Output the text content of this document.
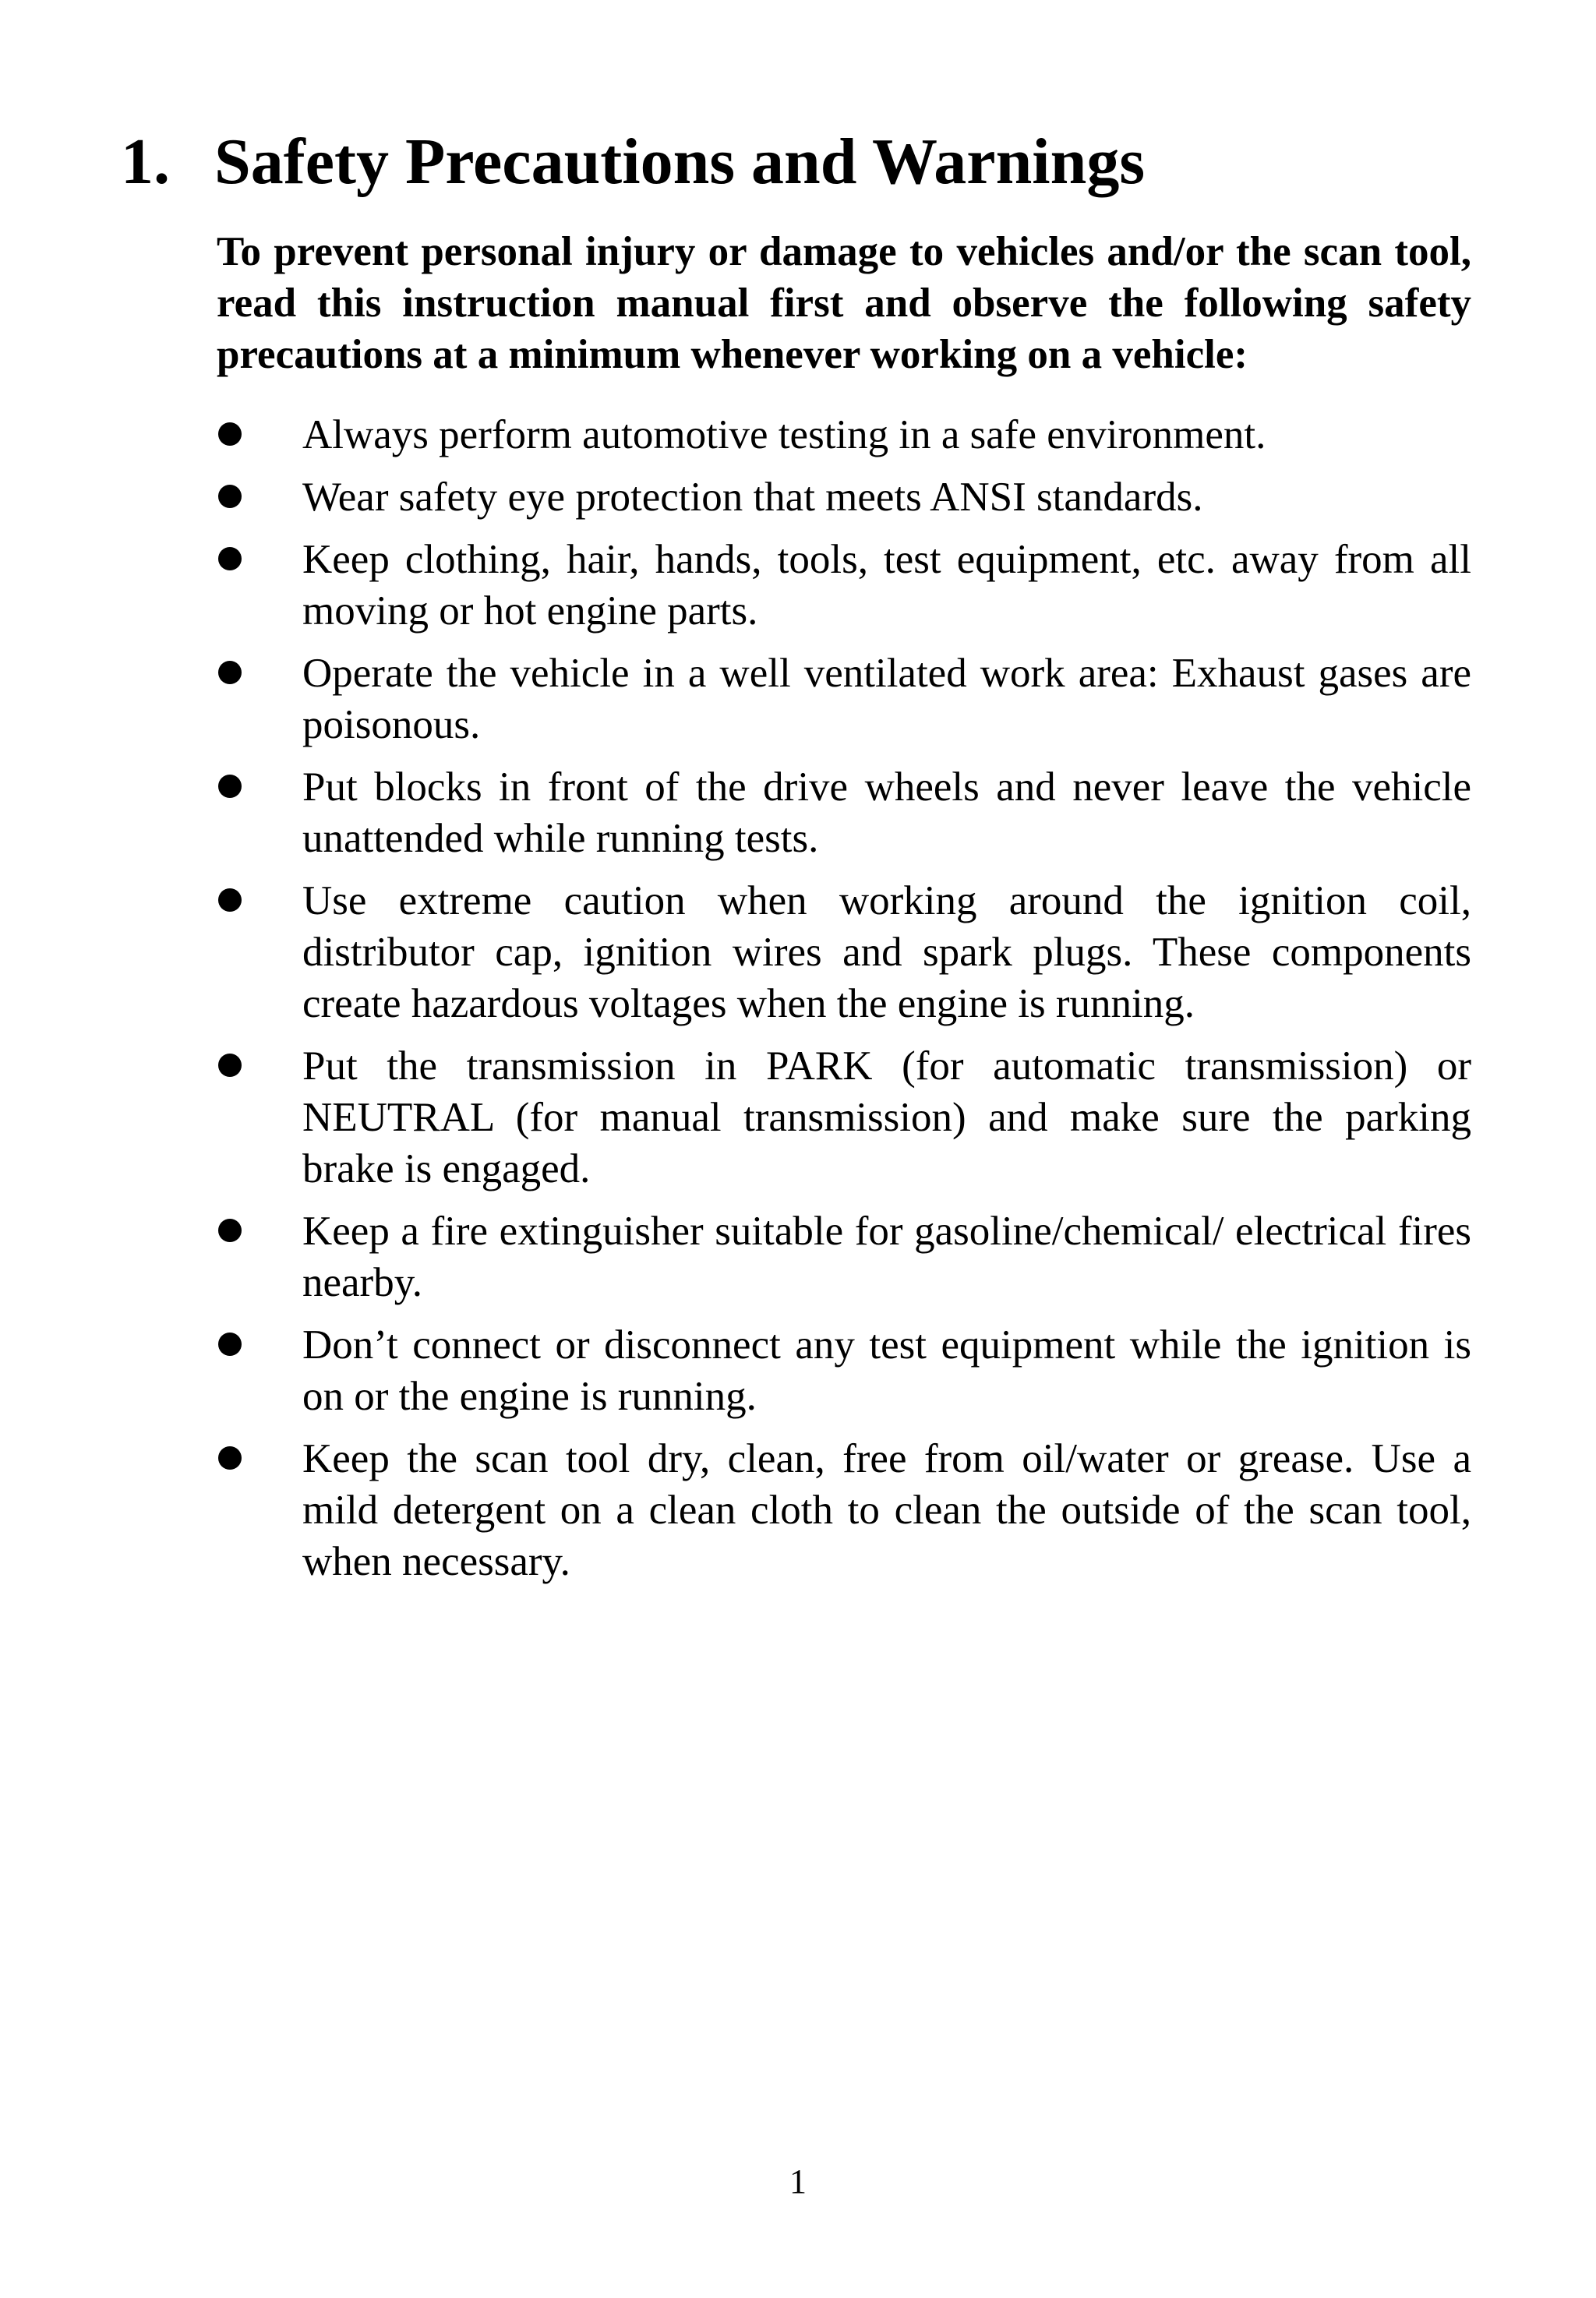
1. Safety Precautions and Warnings

To prevent personal injury or damage to vehicles and/or the scan tool, read this instruction manual first and observe the following safety precautions at a minimum whenever working on a vehicle:

Always perform automotive testing in a safe environment.
Wear safety eye protection that meets ANSI standards.
Keep clothing, hair, hands, tools, test equipment, etc. away from all moving or hot engine parts.
Operate the vehicle in a well ventilated work area: Exhaust gases are poisonous.
Put blocks in front of the drive wheels and never leave the vehicle unattended while running tests.
Use extreme caution when working around the ignition coil, distributor cap, ignition wires and spark plugs. These components create hazardous voltages when the engine is running.
Put the transmission in PARK (for automatic transmission) or NEUTRAL (for manual transmission) and make sure the parking brake is engaged.
Keep a fire extinguisher suitable for gasoline/chemical/ electrical fires nearby.
Don’t connect or disconnect any test equipment while the ignition is on or the engine is running.
Keep the scan tool dry, clean, free from oil/water or grease. Use a mild detergent on a clean cloth to clean the outside of the scan tool, when necessary.
1
